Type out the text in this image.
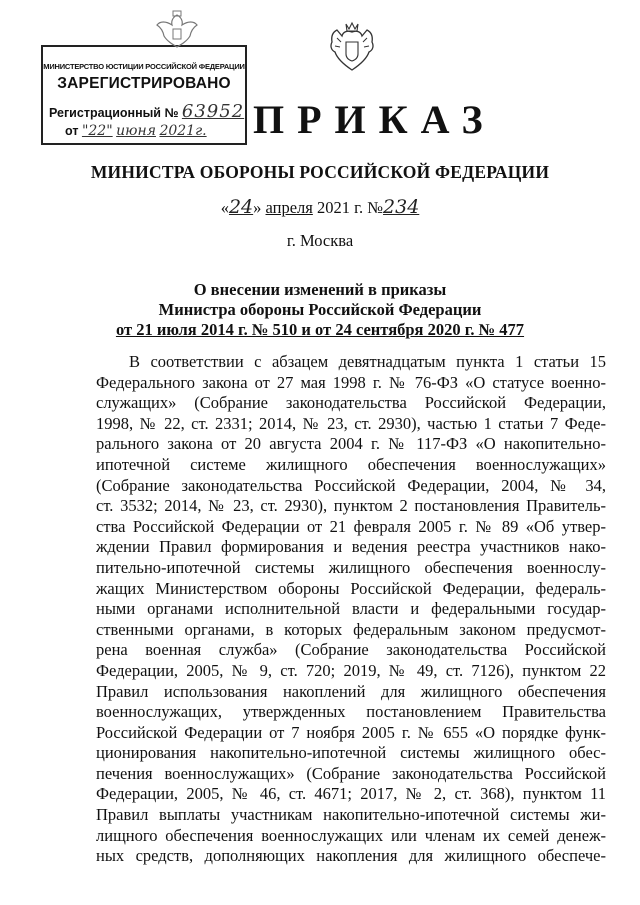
МИНИСТЕРСТВО ЮСТИЦИИ РОССИЙСКОЙ ФЕДЕРАЦИИ
ЗАРЕГИСТРИРОВАНО
Регистрационный № 63952
от "22" июня 2021г. ПРИКАЗ
МИНИСТРА ОБОРОНЫ РОССИЙСКОЙ ФЕДЕРАЦИИ
«24» апреля 2021 г. №234
г. Москва
О внесении изменений в приказы
Министра обороны Российской Федерации
от 21 июля 2014 г. № 510 и от 24 сентября 2020 г. № 477
В соответствии с абзацем девятнадцатым пункта 1 статьи 15
Федерального закона от 27 мая 1998 г. № 76-ФЗ «О статусе военно-
служащих» (Собрание законодательства Российской Федерации,
1998, № 22, ст. 2331; 2014, № 23, ст. 2930), частью 1 статьи 7 Феде-
рального закона от 20 августа 2004 г. № 117-ФЗ «О накопительно-
ипотечной системе жилищного обеспечения военнослужащих»
(Собрание законодательства Российской Федерации, 2004, № 34,
ст. 3532; 2014, № 23, ст. 2930), пунктом 2 постановления Правитель-
ства Российской Федерации от 21 февраля 2005 г. № 89 «Об утвер-
ждении Правил формирования и ведения реестра участников нако-
пительно-ипотечной системы жилищного обеспечения военнослу-
жащих Министерством обороны Российской Федерации, федераль-
ными органами исполнительной власти и федеральными государ-
ственными органами, в которых федеральным законом предусмот-
рена военная служба» (Собрание законодательства Российской
Федерации, 2005, № 9, ст. 720; 2019, № 49, ст. 7126), пунктом 22
Правил использования накоплений для жилищного обеспечения
военнослужащих, утвержденных постановлением Правительства
Российской Федерации от 7 ноября 2005 г. № 655 «О порядке функ-
ционирования накопительно-ипотечной системы жилищного обес-
печения военнослужащих» (Собрание законодательства Российской
Федерации, 2005, № 46, ст. 4671; 2017, № 2, ст. 368), пунктом 11
Правил выплаты участникам накопительно-ипотечной системы жи-
лищного обеспечения военнослужащих или членам их семей денеж-
ных средств, дополняющих накопления для жилищного обеспече-
